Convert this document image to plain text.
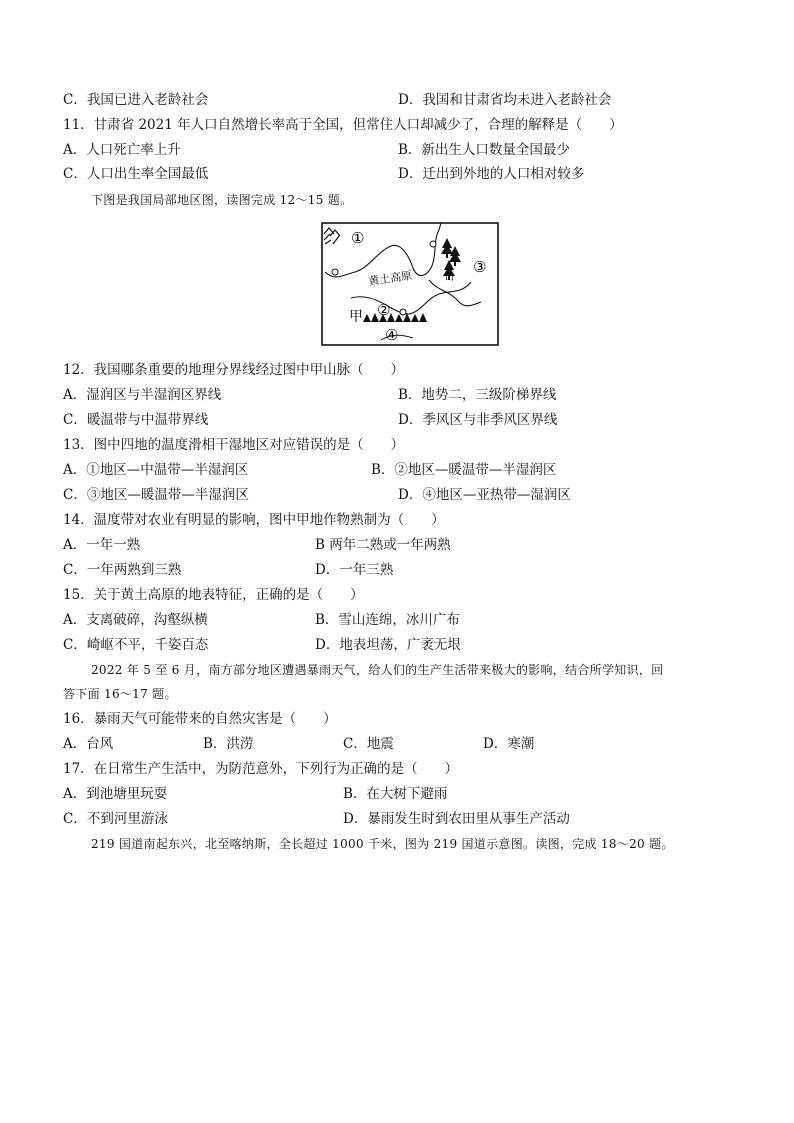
C．我国已进入老龄社会	D．我国和甘肃省均未进入老龄社会
11．甘肃省 2021 年人口自然增长率高于全国，但常住人口却减少了，合理的解释是（　　）
A．人口死亡率上升	B．新出生人口数量全国最少
C．人口出生率全国最低	D．迁出到外地的人口相对较多
下图是我国局部地区图，读图完成 12～15 题。
黄土高原
甲
山
①
②
③
④
12．我国哪条重要的地理分界线经过图中甲山脉（　　）
A．湿润区与半湿润区界线	B．地势二，三级阶梯界线
C．暖温带与中温带界线	D．季风区与非季风区界线
13．图中四地的温度滑相干湿地区对应错误的是（　　）
A．①地区—中温带—半湿润区	B．②地区—暖温带—半湿润区
C．③地区—暖温带—半湿润区	D．④地区—亚热带—湿润区
14．温度带对农业有明显的影响，图中甲地作物熟制为（　　）
A．一年一熟	B 两年二熟或一年两熟
C．一年两熟到三熟	D．一年三熟
15．关于黄土高原的地表特征，正确的是（　　）
A．支离破碎，沟壑纵横	B．雪山连绵，冰川广布
C．崎岖不平，千姿百态	D．地表坦荡，广袤无垠
2022 年 5 至 6 月，南方部分地区遭遇暴雨天气，给人们的生产生活带来极大的影响，结合所学知识，回
答下面 16～17 题。
16．暴雨天气可能带来的自然灾害是（　　）
A．台风	B．洪涝	C．地震	D．寒潮
17．在日常生产生活中，为防范意外，下列行为正确的是（　　）
A．到池塘里玩耍	B．在大树下避雨
C．不到河里游泳	D．暴雨发生时到农田里从事生产活动
219 国道南起东兴，北至喀纳斯，全长超过 1000 千米，图为 219 国道示意图。读图，完成 18～20 题。
